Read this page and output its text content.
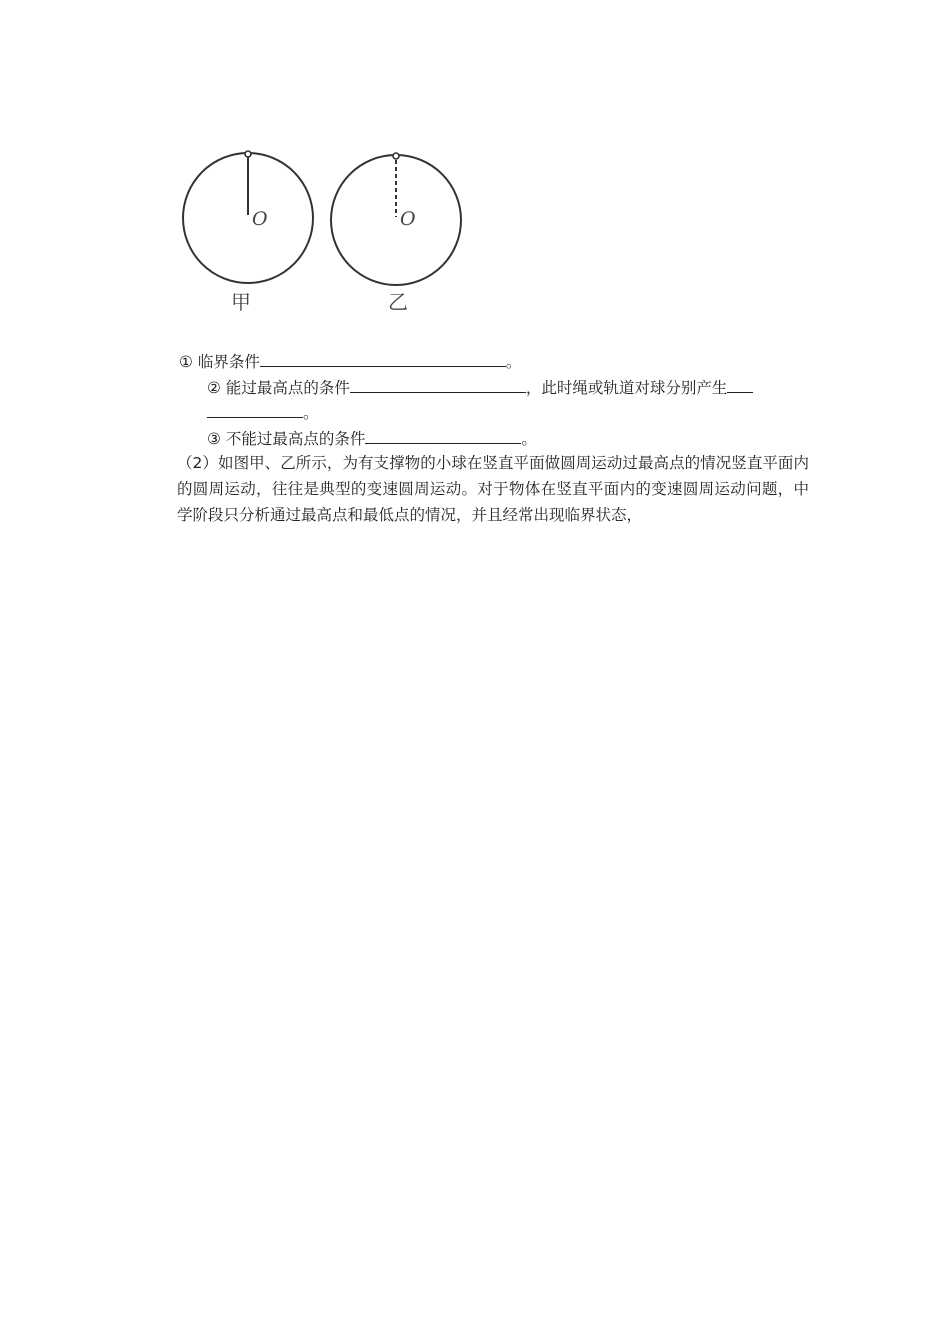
O	O
甲	乙
① 临界条件	。
② 能过最高点的条件	，此时绳或轨道对球分别产生
。
③ 不能过最高点的条件	。
（2）如图甲、乙所示，为有支撑物的小球在竖直平面做圆周运动过最高点的情况竖直平面内的圆周运动，往往是典型的变速圆周运动。对于物体在竖直平面内的变速圆周运动问题，中学阶段只分析通过最高点和最低点的情况，并且经常出现临界状态，
